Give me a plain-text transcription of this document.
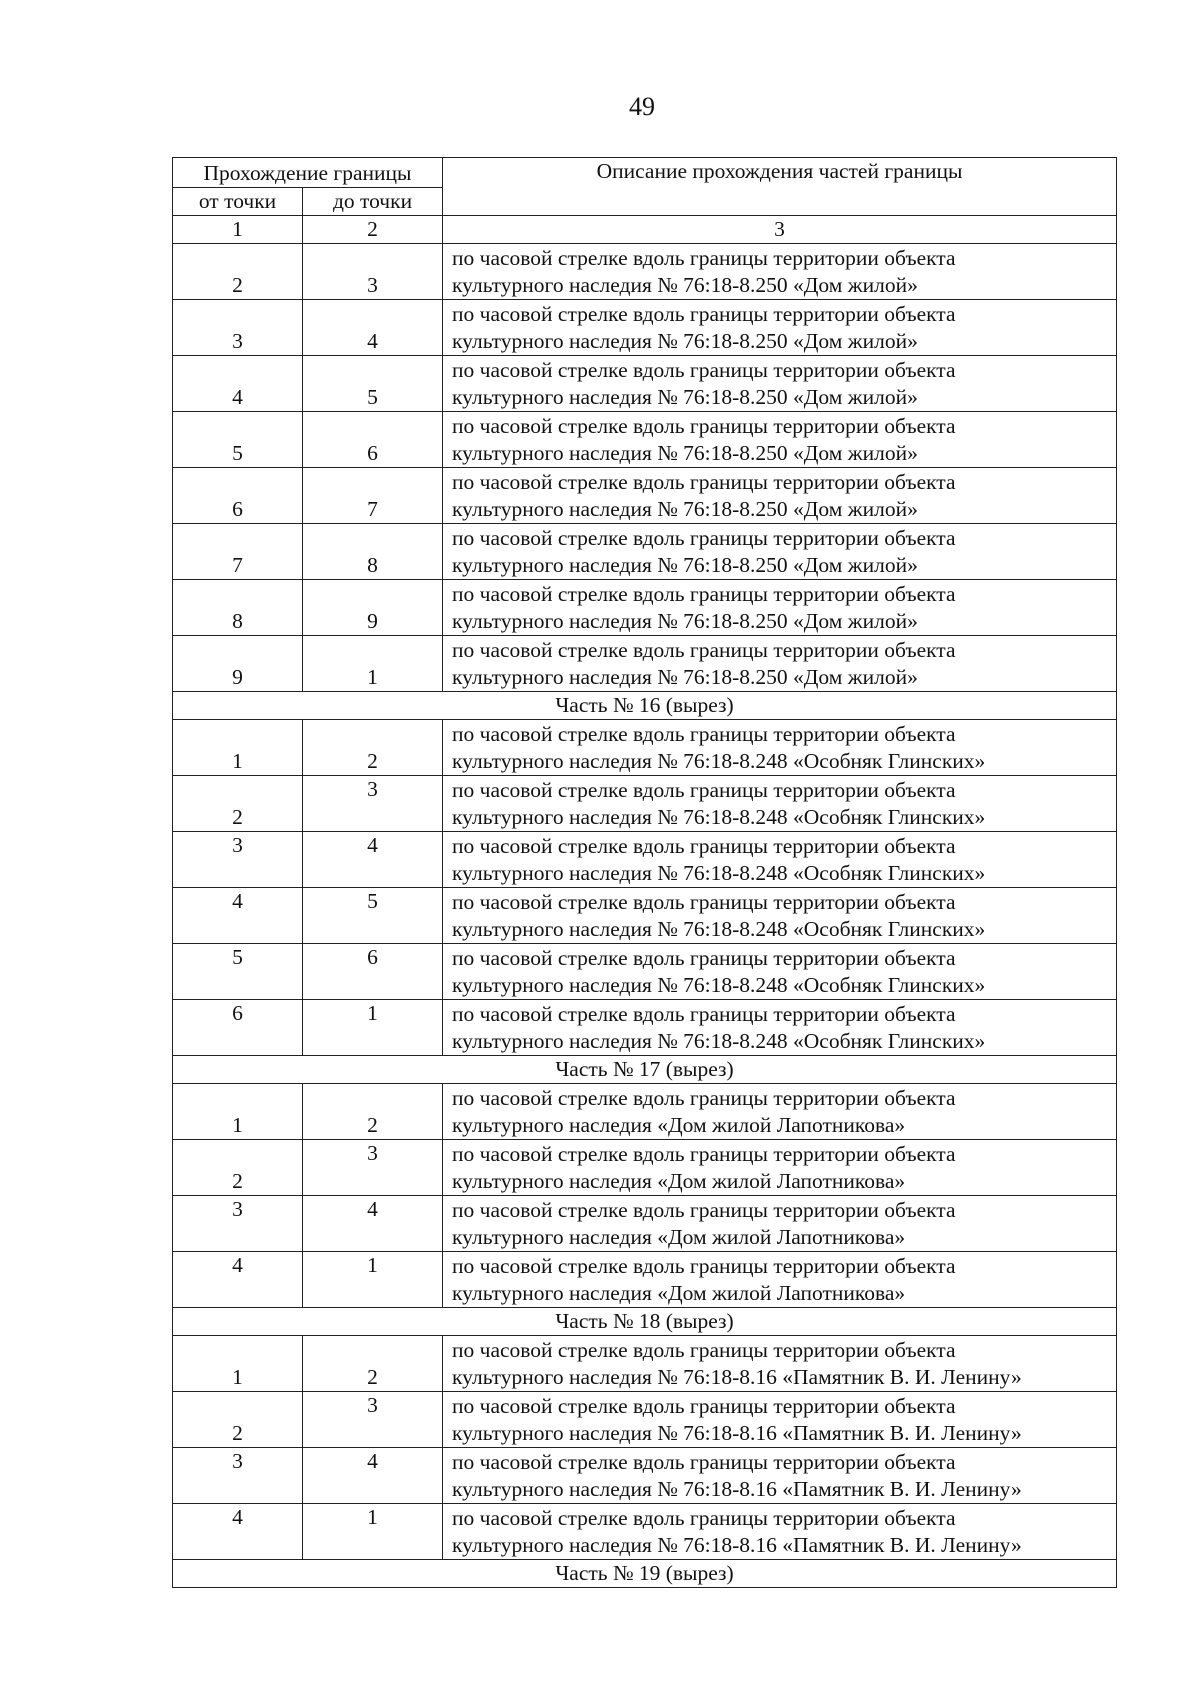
49
Прохождение границы		Описание прохождения частей границы
от точки	до точки	
1	2	3
2	3	по часовой стрелке вдоль границы территории объекта
культурного наследия № 76:18-8.250 «Дом жилой»

3	4	по часовой стрелке вдоль границы территории объекта
культурного наследия № 76:18-8.250 «Дом жилой»

4	5	по часовой стрелке вдоль границы территории объекта
культурного наследия № 76:18-8.250 «Дом жилой»

5	6	по часовой стрелке вдоль границы территории объекта
культурного наследия № 76:18-8.250 «Дом жилой»

6	7	по часовой стрелке вдоль границы территории объекта
культурного наследия № 76:18-8.250 «Дом жилой»

7	8	по часовой стрелке вдоль границы территории объекта
культурного наследия № 76:18-8.250 «Дом жилой»

8	9	по часовой стрелке вдоль границы территории объекта
культурного наследия № 76:18-8.250 «Дом жилой»

9	1	по часовой стрелке вдоль границы территории объекта
культурного наследия № 76:18-8.250 «Дом жилой»

Часть № 16 (вырез)		
1	2	по часовой стрелке вдоль границы территории объекта
культурного наследия № 76:18-8.248 «Особняк Глинских»

2	3	по часовой стрелке вдоль границы территории объекта
культурного наследия № 76:18-8.248 «Особняк Глинских»

3	4	по часовой стрелке вдоль границы территории объекта
культурного наследия № 76:18-8.248 «Особняк Глинских»

4	5	по часовой стрелке вдоль границы территории объекта
культурного наследия № 76:18-8.248 «Особняк Глинских»

5	6	по часовой стрелке вдоль границы территории объекта
культурного наследия № 76:18-8.248 «Особняк Глинских»

6	1	по часовой стрелке вдоль границы территории объекта
культурного наследия № 76:18-8.248 «Особняк Глинских»

Часть № 17 (вырез)		
1	2	по часовой стрелке вдоль границы территории объекта
культурного наследия «Дом жилой Лапотникова»

2	3	по часовой стрелке вдоль границы территории объекта
культурного наследия «Дом жилой Лапотникова»

3	4	по часовой стрелке вдоль границы территории объекта
культурного наследия «Дом жилой Лапотникова»

4	1	по часовой стрелке вдоль границы территории объекта
культурного наследия «Дом жилой Лапотникова»

Часть № 18 (вырез)		
1	2	по часовой стрелке вдоль границы территории объекта
культурного наследия № 76:18-8.16 «Памятник В. И. Ленину»

2	3	по часовой стрелке вдоль границы территории объекта
культурного наследия № 76:18-8.16 «Памятник В. И. Ленину»

3	4	по часовой стрелке вдоль границы территории объекта
культурного наследия № 76:18-8.16 «Памятник В. И. Ленину»

4	1	по часовой стрелке вдоль границы территории объекта
культурного наследия № 76:18-8.16 «Памятник В. И. Ленину»

Часть № 19 (вырез)		
